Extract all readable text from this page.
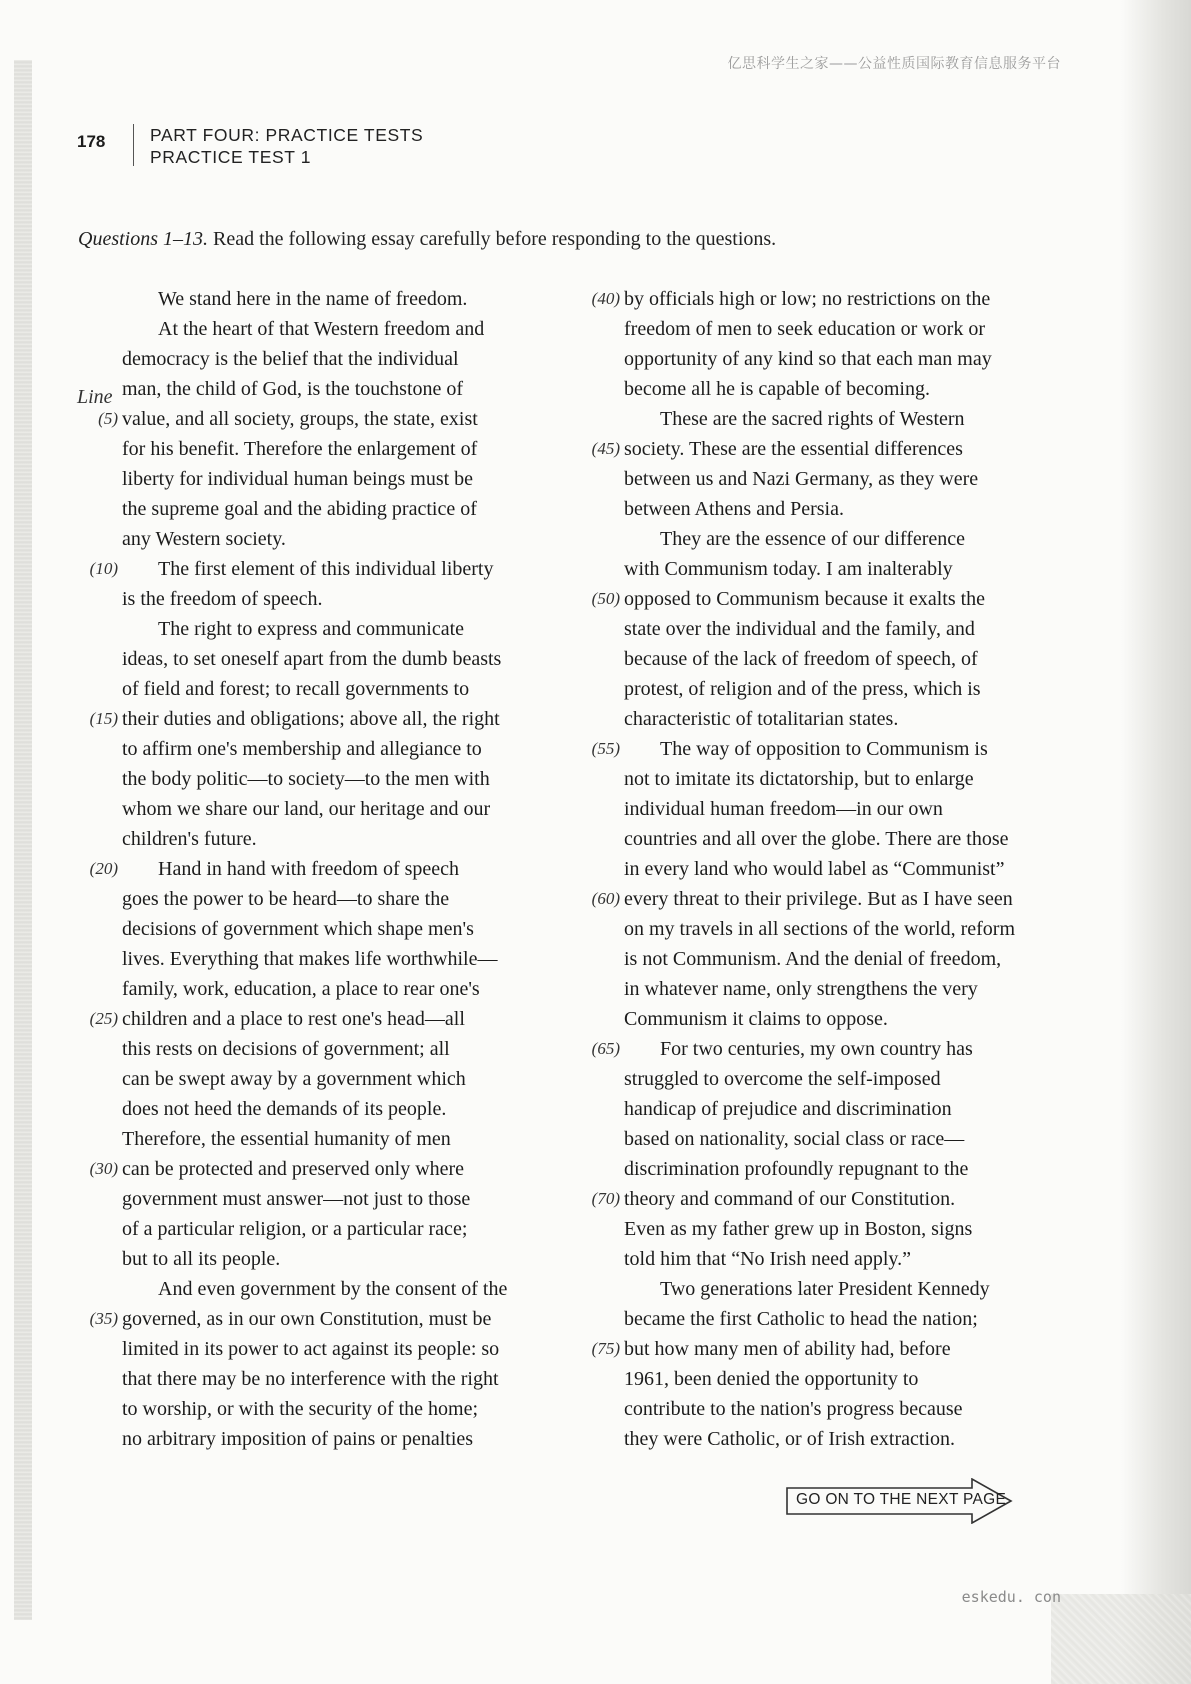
亿思科学生之家——公益性质国际教育信息服务平台
178	PART FOUR: PRACTICE TESTS
PRACTICE TEST 1
Questions 1–13. Read the following essay carefully before responding to the questions.
Line
We stand here in the name of freedom.
At the heart of that Western freedom and
democracy is the belief that the individual
man, the child of God, is the touchstone of
(5) value, and all society, groups, the state, exist
for his benefit. Therefore the enlargement of
liberty for individual human beings must be
the supreme goal and the abiding practice of
any Western society.
(10)	The first element of this individual liberty
is the freedom of speech.
The right to express and communicate
ideas, to set oneself apart from the dumb beasts
of field and forest; to recall governments to
(15) their duties and obligations; above all, the right
to affirm one's membership and allegiance to
the body politic—to society—to the men with
whom we share our land, our heritage and our
children's future.
(20)	Hand in hand with freedom of speech
goes the power to be heard—to share the
decisions of government which shape men's
lives. Everything that makes life worthwhile—
family, work, education, a place to rear one's
(25) children and a place to rest one's head—all
this rests on decisions of government; all
can be swept away by a government which
does not heed the demands of its people.
Therefore, the essential humanity of men
(30) can be protected and preserved only where
government must answer—not just to those
of a particular religion, or a particular race;
but to all its people.
And even government by the consent of the
(35) governed, as in our own Constitution, must be
limited in its power to act against its people: so
that there may be no interference with the right
to worship, or with the security of the home;
no arbitrary imposition of pains or penalties
(40) by officials high or low; no restrictions on the
freedom of men to seek education or work or
opportunity of any kind so that each man may
become all he is capable of becoming.
These are the sacred rights of Western
(45) society. These are the essential differences
between us and Nazi Germany, as they were
between Athens and Persia.
They are the essence of our difference
with Communism today. I am inalterably
(50) opposed to Communism because it exalts the
state over the individual and the family, and
because of the lack of freedom of speech, of
protest, of religion and of the press, which is
characteristic of totalitarian states.
(55)	The way of opposition to Communism is
not to imitate its dictatorship, but to enlarge
individual human freedom—in our own
countries and all over the globe. There are those
in every land who would label as “Communist”
(60) every threat to their privilege. But as I have seen
on my travels in all sections of the world, reform
is not Communism. And the denial of freedom,
in whatever name, only strengthens the very
Communism it claims to oppose.
(65)	For two centuries, my own country has
struggled to overcome the self-imposed
handicap of prejudice and discrimination
based on nationality, social class or race—
discrimination profoundly repugnant to the
(70) theory and command of our Constitution.
Even as my father grew up in Boston, signs
told him that “No Irish need apply.”
Two generations later President Kennedy
became the first Catholic to head the nation;
(75) but how many men of ability had, before
1961, been denied the opportunity to
contribute to the nation's progress because
they were Catholic, or of Irish extraction.
GO ON TO THE NEXT PAGE
eskedu. con
